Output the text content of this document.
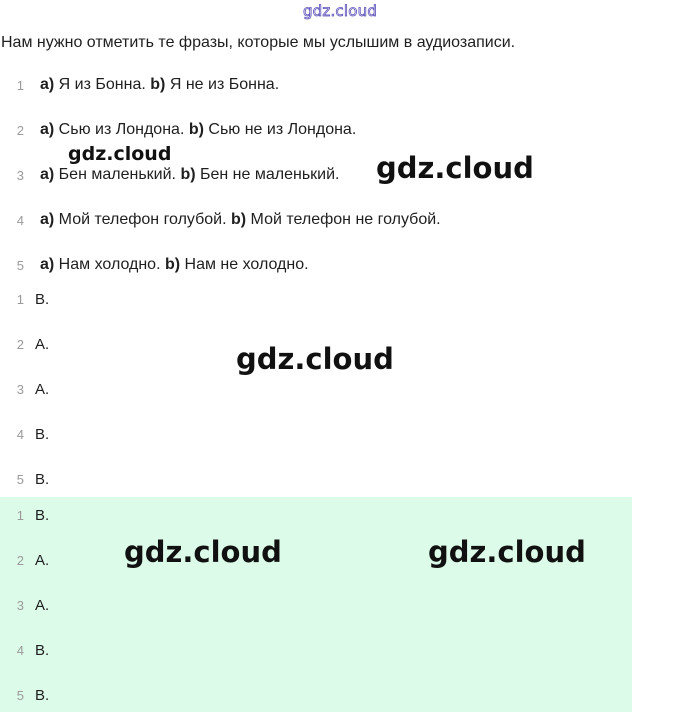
gdz.cloud
Нам нужно отметить те фразы, которые мы услышим в аудиозаписи.
1 a) Я из Бонна. b) Я не из Бонна.
2 a) Сью из Лондона. b) Сью не из Лондона.
3 a) Бен маленький. b) Бен не маленький.
4 a) Мой телефон голубой. b) Мой телефон не голубой.
5 a) Нам холодно. b) Нам не холодно.
1 B.
2 A.
3 A.
4 B.
5 B.
1 B.
2 A.
3 A.
4 B.
5 B.
gdz.cloud	gdz.cloud
gdz.cloud
gdz.cloud	gdz.cloud
